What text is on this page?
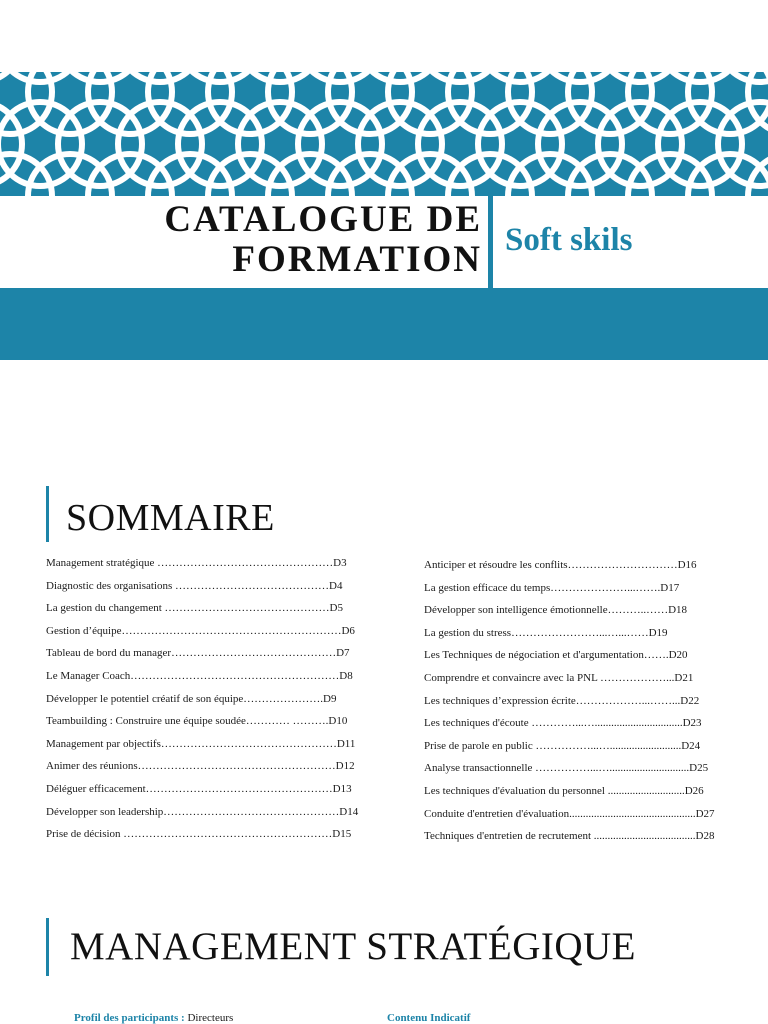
CATALOGUE DE
FORMATION Soft skils
SOMMAIRE
Management stratégique …………………………………………D3
Diagnostic des organisations ……………………………………D4
La gestion du changement ………………………………………D5
Gestion d’équipe……………………………………………………D6
Tableau de bord du manager………………………………………D7
Le Manager Coach…………………………………………………D8
Développer le potentiel créatif de son équipe………………….D9
Teambuilding : Construire une équipe soudée………… ……….D10
Management par objectifs…………………………………………D11
Animer des réunions………………………………………………D12
Déléguer efficacement……………………………………………D13
Développer son leadership…………………………………………D14
Prise de décision …………………………………………………D15
Anticiper et résoudre les conflits…………………………D16
La gestion efficace du temps…………………...…….D17
Développer son intelligence émotionnelle………..……D18
La gestion du stress……………………...…...……D19
Les Techniques de négociation et d'argumentation…….D20
Comprendre et convaincre avec la PNL ………………...D21
Les techniques d’expression écrite………………...……...D22
Les techniques d'écoute …………...…................................D23
Prise de parole en public ……………...…..........................D24
Analyse transactionnelle ……………...….............................D25
Les techniques d'évaluation du personnel ............................D26
Conduite d'entretien d'évaluation..............................................D27
Techniques d'entretien de recrutement .....................................D28
MANAGEMENT STRATÉGIQUE
Profil des participants : Directeurs	Contenu Indicatif
